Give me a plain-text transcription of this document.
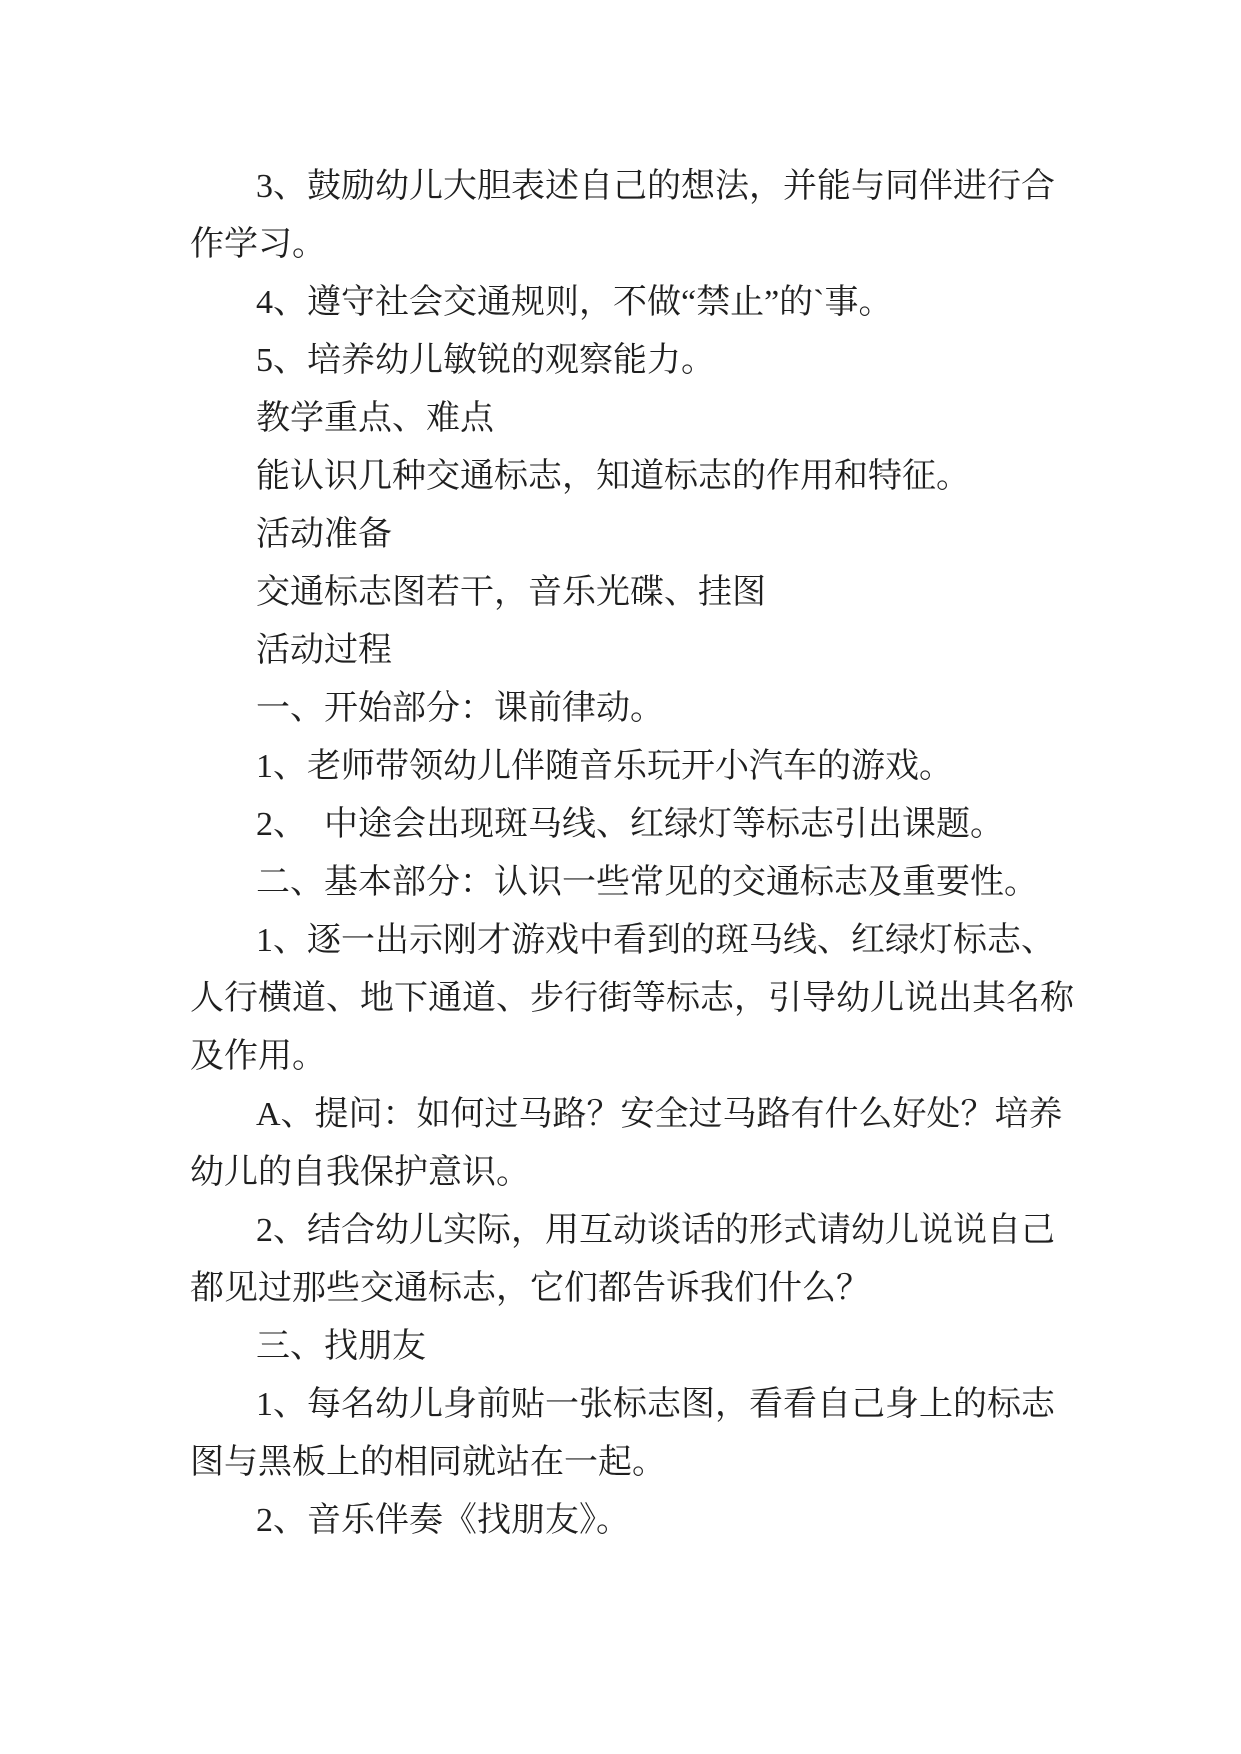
3、鼓励幼儿大胆表述自己的想法，并能与同伴进行合
作学习。
4、遵守社会交通规则，不做“禁止”的`事。
5、培养幼儿敏锐的观察能力。
教学重点、难点
能认识几种交通标志，知道标志的作用和特征。
活动准备
交通标志图若干，音乐光碟、挂图
活动过程
一、开始部分：课前律动。
1、老师带领幼儿伴随音乐玩开小汽车的游戏。
2、　中途会出现斑马线、红绿灯等标志引出课题。
二、基本部分：认识一些常见的交通标志及重要性。
1、逐一出示刚才游戏中看到的斑马线、红绿灯标志、
人行横道、地下通道、步行街等标志，引导幼儿说出其名称
及作用。
A、提问：如何过马路？安全过马路有什么好处？培养
幼儿的自我保护意识。
2、结合幼儿实际，用互动谈话的形式请幼儿说说自己
都见过那些交通标志，它们都告诉我们什么？
三、找朋友
1、每名幼儿身前贴一张标志图，看看自己身上的标志
图与黑板上的相同就站在一起。
2、音乐伴奏《找朋友》。
